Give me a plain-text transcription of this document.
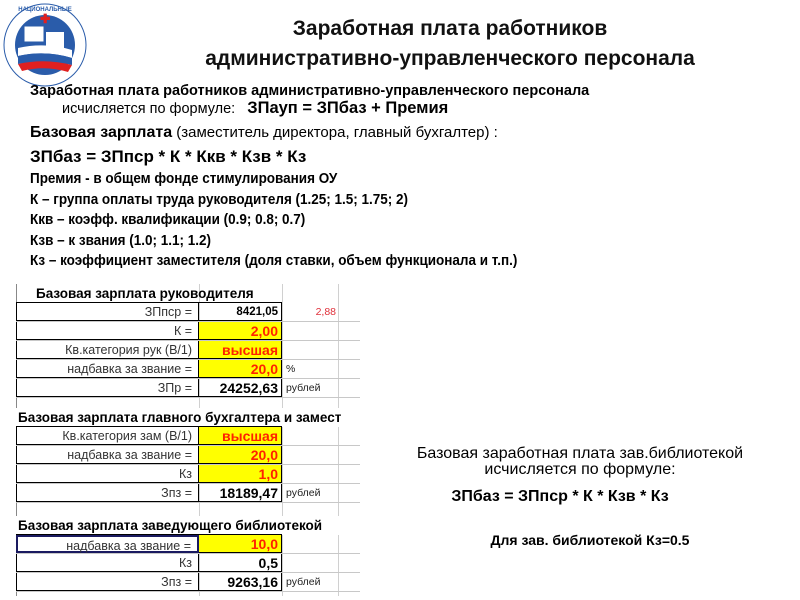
НАЦИОНАЛЬНЫЕ
Заработная плата работников
административно-управленческого персонала
Заработная плата работников административно-управленческого персонала
исчисляется по формуле: ЗПауп = ЗПбаз + Премия
Базовая зарплата (заместитель директора, главный бухгалтер) :
ЗПбаз = ЗПпср * К * Ккв * Кзв * Кз
Премия - в общем фонде стимулирования ОУ
К – группа оплаты труда руководителя (1.25; 1.5; 1.75; 2)
Ккв – коэфф. квалификации (0.9; 0.8; 0.7)
Кзв – к звания (1.0; 1.1; 1.2)
Кз – коэффициент заместителя (доля ставки, объем функционала и т.п.)
Базовая зарплата руководителя
ЗПпср =	8421,05	2,88
К =	2,00
Кв.категория рук (В/1)	высшая
надбавка за звание =	20,0 %
ЗПр =	24252,63 рублей
Базовая зарплата главного бухгалтера и замест
Кв.категория зам (В/1)	высшая
надбавка за звание =	20,0
Кз	1,0
Зпз =	18189,47 рублей
Базовая зарплата заведующего библиотекой
надбавка за звание =	10,0
Кз	0,5
Зпз =	9263,16 рублей
Базовая заработная плата зав.библиотекой
исчисляется по формуле:
ЗПбаз = ЗПпср * К * Кзв * Кз
Для зав. библиотекой Кз=0.5
